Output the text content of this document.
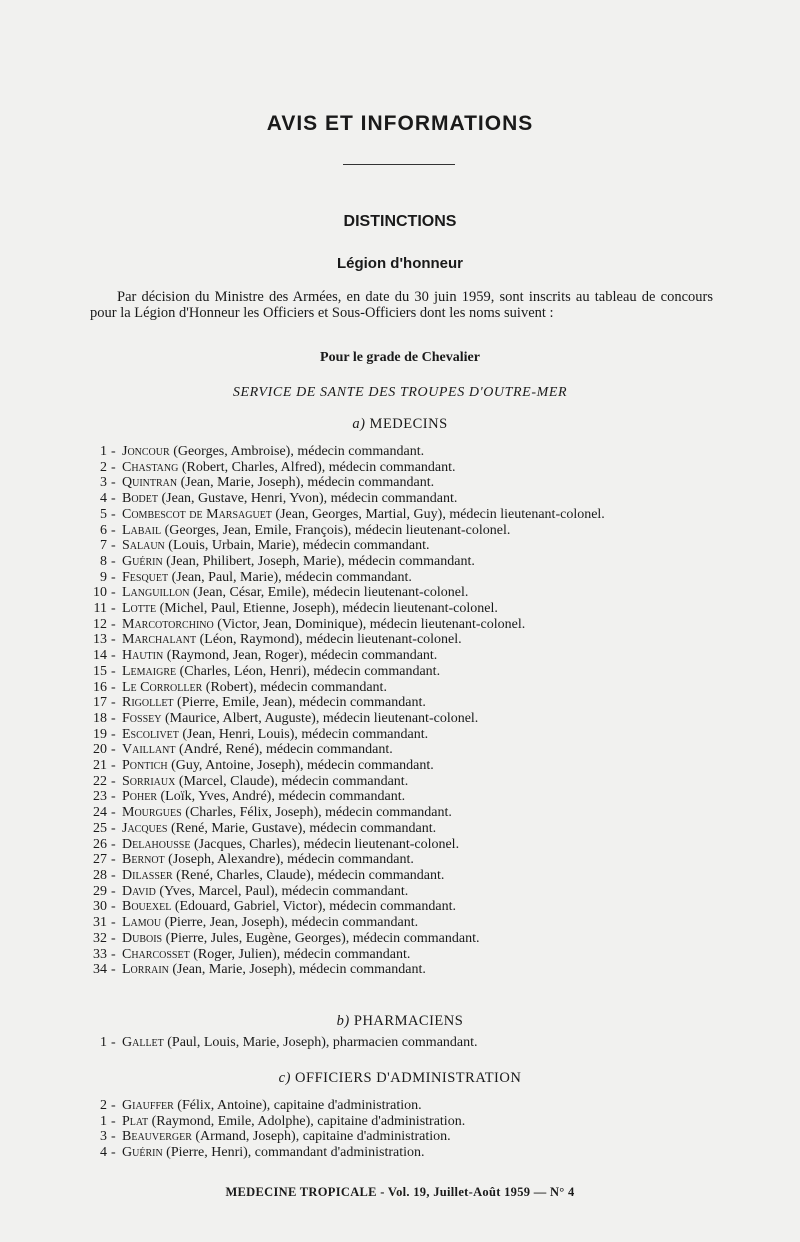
AVIS ET INFORMATIONS
DISTINCTIONS
Légion d'honneur

Par décision du Ministre des Armées, en date du 30 juin 1959, sont inscrits au tableau de concours pour la Légion d'Honneur les Officiers et Sous-Officiers dont les noms suivent :

Pour le grade de Chevalier

SERVICE DE SANTE DES TROUPES D'OUTRE-MER

a) MEDECINS

1 - Joncour (Georges, Ambroise), médecin commandant.
2 - Chastang (Robert, Charles, Alfred), médecin commandant.
3 - Quintran (Jean, Marie, Joseph), médecin commandant.
4 - Bodet (Jean, Gustave, Henri, Yvon), médecin commandant.
5 - Combescot de Marsaguet (Jean, Georges, Martial, Guy), médecin lieutenant-colonel.
6 - Labail (Georges, Jean, Emile, François), médecin lieutenant-colonel.
7 - Salaun (Louis, Urbain, Marie), médecin commandant.
8 - Guérin (Jean, Philibert, Joseph, Marie), médecin commandant.
9 - Fesquet (Jean, Paul, Marie), médecin commandant.
10 - Languillon (Jean, César, Emile), médecin lieutenant-colonel.
11 - Lotte (Michel, Paul, Etienne, Joseph), médecin lieutenant-colonel.
12 - Marcotorchino (Victor, Jean, Dominique), médecin lieutenant-colonel.
13 - Marchalant (Léon, Raymond), médecin lieutenant-colonel.
14 - Hautin (Raymond, Jean, Roger), médecin commandant.
15 - Lemaigre (Charles, Léon, Henri), médecin commandant.
16 - Le Corroller (Robert), médecin commandant.
17 - Rigollet (Pierre, Emile, Jean), médecin commandant.
18 - Fossey (Maurice, Albert, Auguste), médecin lieutenant-colonel.
19 - Escolivet (Jean, Henri, Louis), médecin commandant.
20 - Vaillant (André, René), médecin commandant.
21 - Pontich (Guy, Antoine, Joseph), médecin commandant.
22 - Sorriaux (Marcel, Claude), médecin commandant.
23 - Poher (Loïk, Yves, André), médecin commandant.
24 - Mourgues (Charles, Félix, Joseph), médecin commandant.
25 - Jacques (René, Marie, Gustave), médecin commandant.
26 - Delahousse (Jacques, Charles), médecin lieutenant-colonel.
27 - Bernot (Joseph, Alexandre), médecin commandant.
28 - Dilasser (René, Charles, Claude), médecin commandant.
29 - David (Yves, Marcel, Paul), médecin commandant.
30 - Bouexel (Edouard, Gabriel, Victor), médecin commandant.
31 - Lamou (Pierre, Jean, Joseph), médecin commandant.
32 - Dubois (Pierre, Jules, Eugène, Georges), médecin commandant.
33 - Charcosset (Roger, Julien), médecin commandant.
34 - Lorrain (Jean, Marie, Joseph), médecin commandant.

b) PHARMACIENS

1 - Gallet (Paul, Louis, Marie, Joseph), pharmacien commandant.

c) OFFICIERS D'ADMINISTRATION

2 - Giauffer (Félix, Antoine), capitaine d'administration.
1 - Plat (Raymond, Emile, Adolphe), capitaine d'administration.
3 - Beauverger (Armand, Joseph), capitaine d'administration.
4 - Guérin (Pierre, Henri), commandant d'administration.

MEDECINE TROPICALE - Vol. 19, Juillet-Août 1959 — N° 4
